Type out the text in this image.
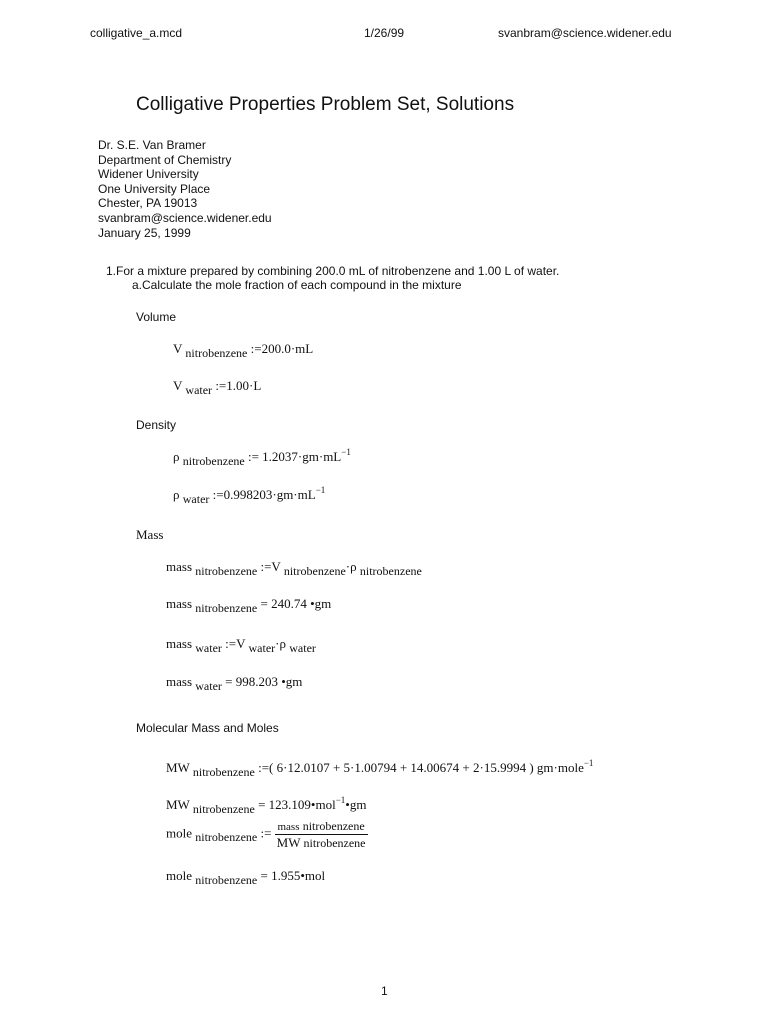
colligative_a.mcd	1/26/99	svanbram@science.widener.edu
Colligative Properties Problem Set, Solutions
Dr. S.E. Van Bramer
Department of Chemistry
Widener University
One University Place
Chester, PA 19013
svanbram@science.widener.edu
January 25, 1999
1.For a mixture prepared by combining 200.0 mL of nitrobenzene and 1.00 L of water.
a.Calculate the mole fraction of each compound in the mixture
Volume
V nitrobenzene :=200.0·mL
V water :=1.00·L
Density
ρ nitrobenzene := $1.2037\cdot gm\cdot mL^{-1}$
ρ water $:=0.998203\cdot gm\cdot mL^{-1}$
Mass
mass nitrobenzene :=V nitrobenzene·ρ nitrobenzene
mass nitrobenzene = 240.74 •gm
mass water :=V water·ρ water
mass water = 998.203 •gm
Molecular Mass and Moles
MW nitrobenzene :=( 6·12.0107 + 5·1.00794 + 14.00674 + 2·15.9994 ) gm·mole$^{-1}$
MW nitrobenzene = 123.109•mol$^{-1}$•gm
mole nitrobenzene := $\frac{\text{mass nitrobenzene}}{\text{MW nitrobenzene}}$
mole nitrobenzene = 1.955•mol
1
